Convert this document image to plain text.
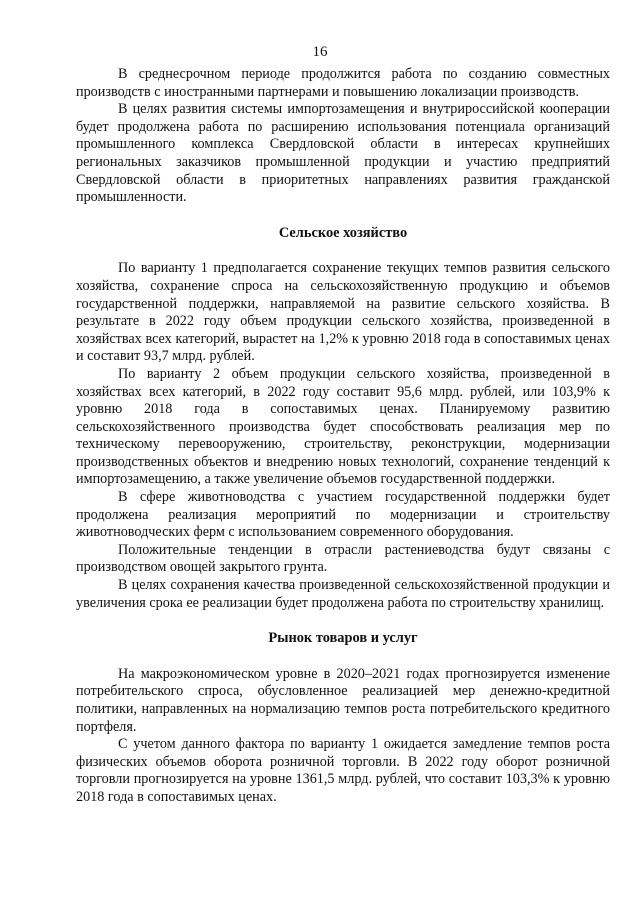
16

В среднесрочном периоде продолжится работа по созданию совместных производств с иностранными партнерами и повышению локализации производств.

В целях развития системы импортозамещения и внутрироссийской кооперации будет продолжена работа по расширению использования потенциала организаций промышленного комплекса Свердловской области в интересах крупнейших региональных заказчиков промышленной продукции и участию предприятий Свердловской области в приоритетных направлениях развития гражданской промышленности.

Сельское хозяйство

По варианту 1 предполагается сохранение текущих темпов развития сельского хозяйства, сохранение спроса на сельскохозяйственную продукцию и объемов государственной поддержки, направляемой на развитие сельского хозяйства. В результате в 2022 году объем продукции сельского хозяйства, произведенной в хозяйствах всех категорий, вырастет на 1,2% к уровню 2018 года в сопоставимых ценах и составит 93,7 млрд. рублей.

По варианту 2 объем продукции сельского хозяйства, произведенной в хозяйствах всех категорий, в 2022 году составит 95,6 млрд. рублей, или 103,9% к уровню 2018 года в сопоставимых ценах. Планируемому развитию сельскохозяйственного производства будет способствовать реализация мер по техническому перевооружению, строительству, реконструкции, модернизации производственных объектов и внедрению новых технологий, сохранение тенденций к импортозамещению, а также увеличение объемов государственной поддержки.

В сфере животноводства с участием государственной поддержки будет продолжена реализация мероприятий по модернизации и строительству животноводческих ферм с использованием современного оборудования.

Положительные тенденции в отрасли растениеводства будут связаны с производством овощей закрытого грунта.

В целях сохранения качества произведенной сельскохозяйственной продукции и увеличения срока ее реализации будет продолжена работа по строительству хранилищ.

Рынок товаров и услуг

На макроэкономическом уровне в 2020–2021 годах прогнозируется изменение потребительского спроса, обусловленное реализацией мер денежно-кредитной политики, направленных на нормализацию темпов роста потребительского кредитного портфеля.

С учетом данного фактора по варианту 1 ожидается замедление темпов роста физических объемов оборота розничной торговли. В 2022 году оборот розничной торговли прогнозируется на уровне 1361,5 млрд. рублей, что составит 103,3% к уровню 2018 года в сопоставимых ценах.
